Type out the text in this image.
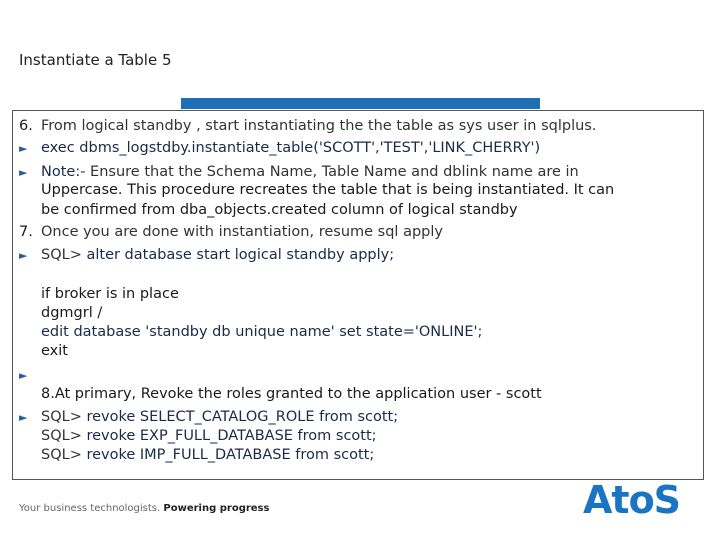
Instantiate a Table 5
6. From logical standby , start instantiating the the table as sys user in sqlplus.
► exec dbms_logstdby.instantiate_table('SCOTT','TEST','LINK_CHERRY')
► Note:- Ensure that the Schema Name, Table Name and dblink name are in
Uppercase. This procedure recreates the table that is being instantiated. It can
be confirmed from dba_objects.created column of logical standby
7. Once you are done with instantiation, resume sql apply
► SQL> alter database start logical standby apply;
if broker is in place
dgmgrl /
edit database 'standby db unique name' set state='ONLINE';
exit
►
8.At primary, Revoke the roles granted to the application user - scott
► SQL> revoke SELECT_CATALOG_ROLE from scott;
SQL> revoke EXP_FULL_DATABASE from scott;
SQL> revoke IMP_FULL_DATABASE from scott;
Your business technologists. Powering progress	AtoS
